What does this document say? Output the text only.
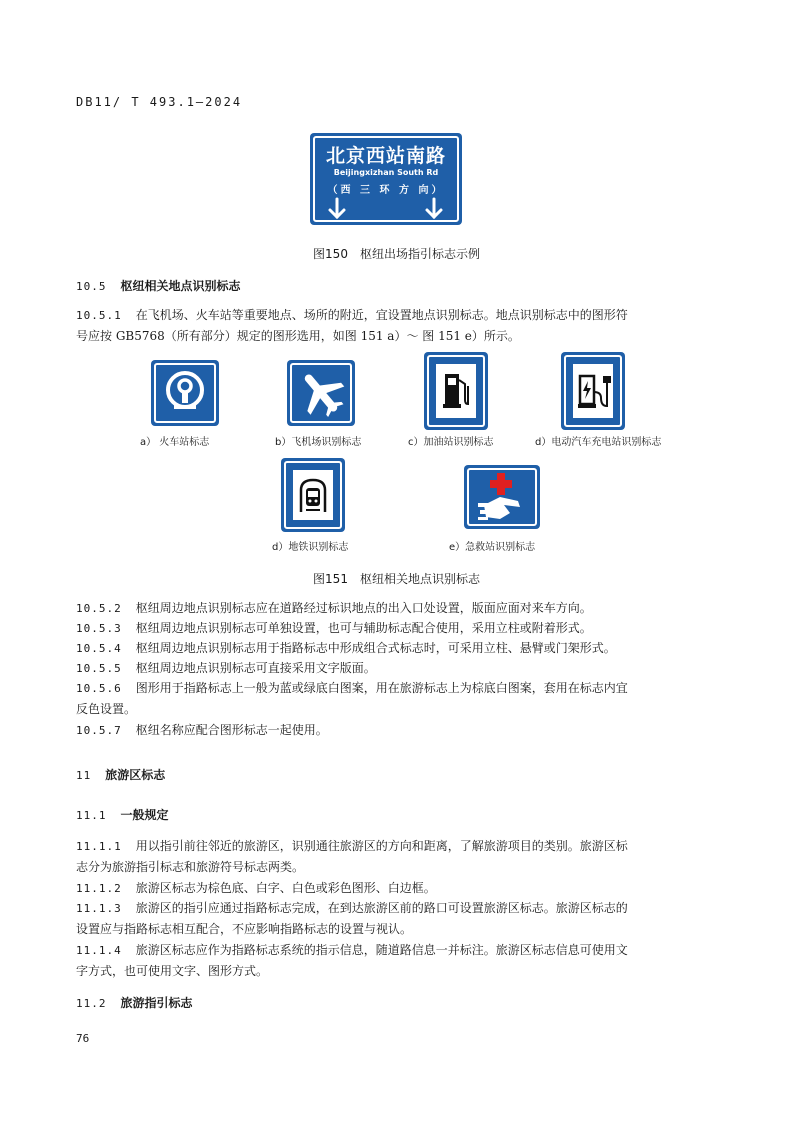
DB11/ T 493.1—2024
北京西站南路
Beijingxizhan South Rd
（西 三 环 方 向）
图150　枢纽出场指引标志示例
10.5 枢纽相关地点识别标志
10.5.1 在飞机场、火车站等重要地点、场所的附近，宜设置地点识别标志。地点识别标志中的图形符
号应按 GB5768（所有部分）规定的图形选用，如图 151 a）～ 图 151 e）所示。
a） 火车站标志	b）飞机场识别标志	c）加油站识别标志	d）电动汽车充电站识别标志
d）地铁识别标志	e）急救站识别标志
图151　枢纽相关地点识别标志
10.5.2 枢纽周边地点识别标志应在道路经过标识地点的出入口处设置，版面应面对来车方向。
10.5.3 枢纽周边地点识别标志可单独设置，也可与辅助标志配合使用，采用立柱或附着形式。
10.5.4 枢纽周边地点识别标志用于指路标志中形成组合式标志时，可采用立柱、悬臂或门架形式。
10.5.5 枢纽周边地点识别标志可直接采用文字版面。
10.5.6 图形用于指路标志上一般为蓝或绿底白图案，用在旅游标志上为棕底白图案，套用在标志内宜
反色设置。
10.5.7 枢纽名称应配合图形标志一起使用。
11 旅游区标志
11.1 一般规定
11.1.1 用以指引前往邻近的旅游区，识别通往旅游区的方向和距离，了解旅游项目的类别。旅游区标
志分为旅游指引标志和旅游符号标志两类。
11.1.2 旅游区标志为棕色底、白字、白色或彩色图形、白边框。
11.1.3 旅游区的指引应通过指路标志完成，在到达旅游区前的路口可设置旅游区标志。旅游区标志的
设置应与指路标志相互配合，不应影响指路标志的设置与视认。
11.1.4 旅游区标志应作为指路标志系统的指示信息，随道路信息一并标注。旅游区标志信息可使用文
字方式，也可使用文字、图形方式。
11.2 旅游指引标志
76
